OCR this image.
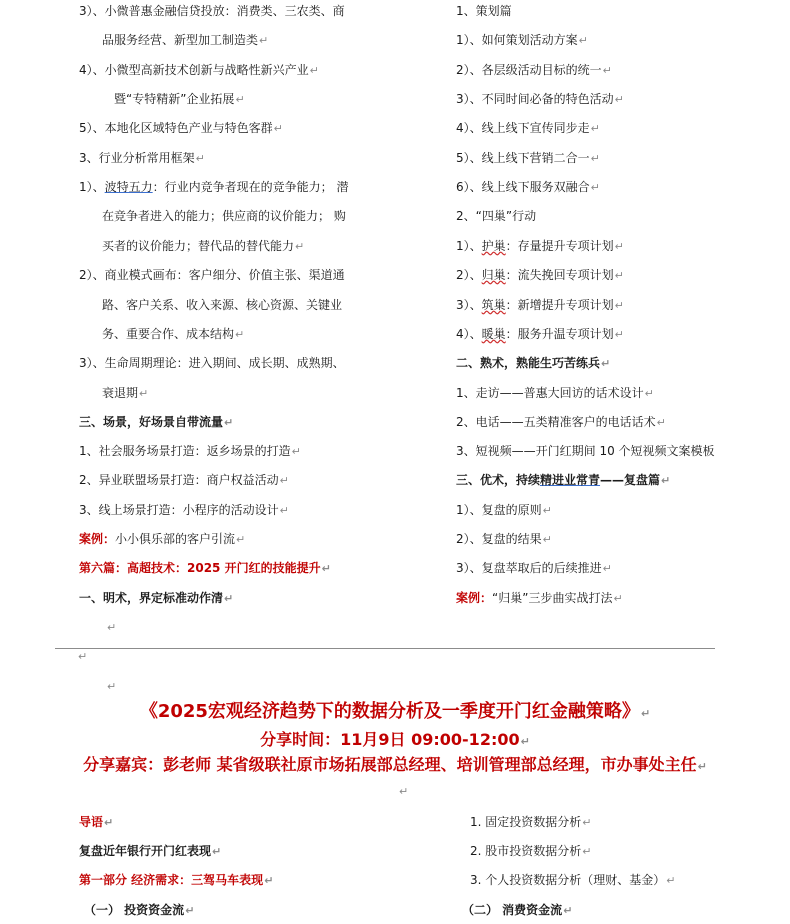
3）、小微普惠金融信贷投放：消费类、三农类、商
品服务经营、新型加工制造类↵
4）、小微型高新技术创新与战略性新兴产业↵
暨“专特精新”企业拓展↵
5）、本地化区域特色产业与特色客群↵
3、行业分析常用框架↵
1）、波特五力：行业内竞争者现在的竞争能力； 潜
在竞争者进入的能力；供应商的议价能力； 购
买者的议价能力；替代品的替代能力↵
2）、商业模式画布：客户细分、价值主张、渠道通
路、客户关系、收入来源、核心资源、关键业
务、重要合作、成本结构↵
3）、生命周期理论：进入期间、成长期、成熟期、
衰退期↵
三、场景，好场景自带流量↵
1、社会服务场景打造：返乡场景的打造↵
2、异业联盟场景打造：商户权益活动↵
3、线上场景打造：小程序的活动设计↵
案例：小小俱乐部的客户引流↵
第六篇：高超技术：2025 开门红的技能提升↵
一、明术，界定标准动作清↵
↵
1、策划篇
1）、如何策划活动方案↵
2）、各层级活动目标的统一↵
3）、不同时间必备的特色活动↵
4）、线上线下宣传同步走↵
5）、线上线下营销二合一↵
6）、线上线下服务双融合↵
2、“四巢”行动
1）、护巢：存量提升专项计划↵
2）、归巢：流失挽回专项计划↵
3）、筑巢：新增提升专项计划↵
4）、暖巢：服务升温专项计划↵
二、熟术，熟能生巧苦练兵↵
1、走访——普惠大回访的话术设计↵
2、电话——五类精准客户的电话话术↵
3、短视频——开门红期间 10 个短视频文案模板
三、优术，持续精进业常青——复盘篇↵
1）、复盘的原则↵
2）、复盘的结果↵
3）、复盘萃取后的后续推进↵
案例：“归巢”三步曲实战打法↵
↵
↵
《2025宏观经济趋势下的数据分析及一季度开门红金融策略》↵
分享时间：11月9日 09:00-12:00↵
分享嘉宾：彭老师 某省级联社原市场拓展部总经理、培训管理部总经理，市办事处主任↵
↵
导语↵
复盘近年银行开门红表现↵
第一部分 经济需求：三驾马车表现↵
（一） 投资资金流↵
1. 固定投资数据分析↵
2. 股市投资数据分析↵
3. 个人投资数据分析（理财、基金）↵
（二） 消费资金流↵
